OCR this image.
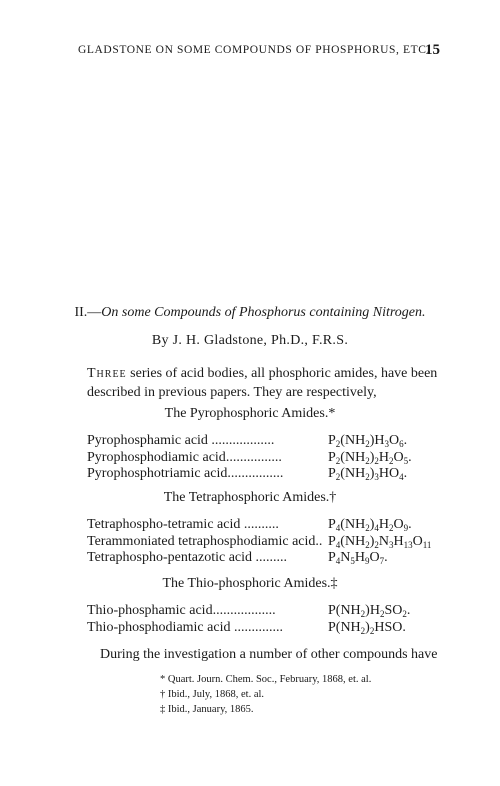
GLADSTONE ON SOME COMPOUNDS OF PHOSPHORUS, ETC.
15
II.—On some Compounds of Phosphorus containing Nitrogen.
By J. H. Gladstone, Ph.D., F.R.S.
Three series of acid bodies, all phosphoric amides, have been
described in previous papers. They are respectively,
The Pyrophosphoric Amides.*
Pyrophosphamic acid ..................	$P_2(NH_2)H_3O_6$.
Pyrophosphodiamic acid................	$P_2(NH_2)_2H_2O_5$.
Pyrophosphotriamic acid................	$P_2(NH_2)_3HO_4$.
The Tetraphosphoric Amides.†
Tetraphospho-tetramic acid ..........	$P_4(NH_2)_4H_2O_9$.
Terammoniated tetraphosphodiamic acid.. $P_4(NH_2)_2N_3H_{13}O_{11}$
Tetraphospho-pentazotic acid .........	$P_4N_5H_9O_7$.
The Thio-phosphoric Amides.‡
Thio-phosphamic acid..................	$P(NH_2)H_2SO_2$.
Thio-phosphodiamic acid ..............	$P(NH_2)_2HSO$.
During the investigation a number of other compounds have
* Quart. Journ. Chem. Soc., February, 1868, et. al.
† Ibid., July, 1868, et. al.
‡ Ibid., January, 1865.
